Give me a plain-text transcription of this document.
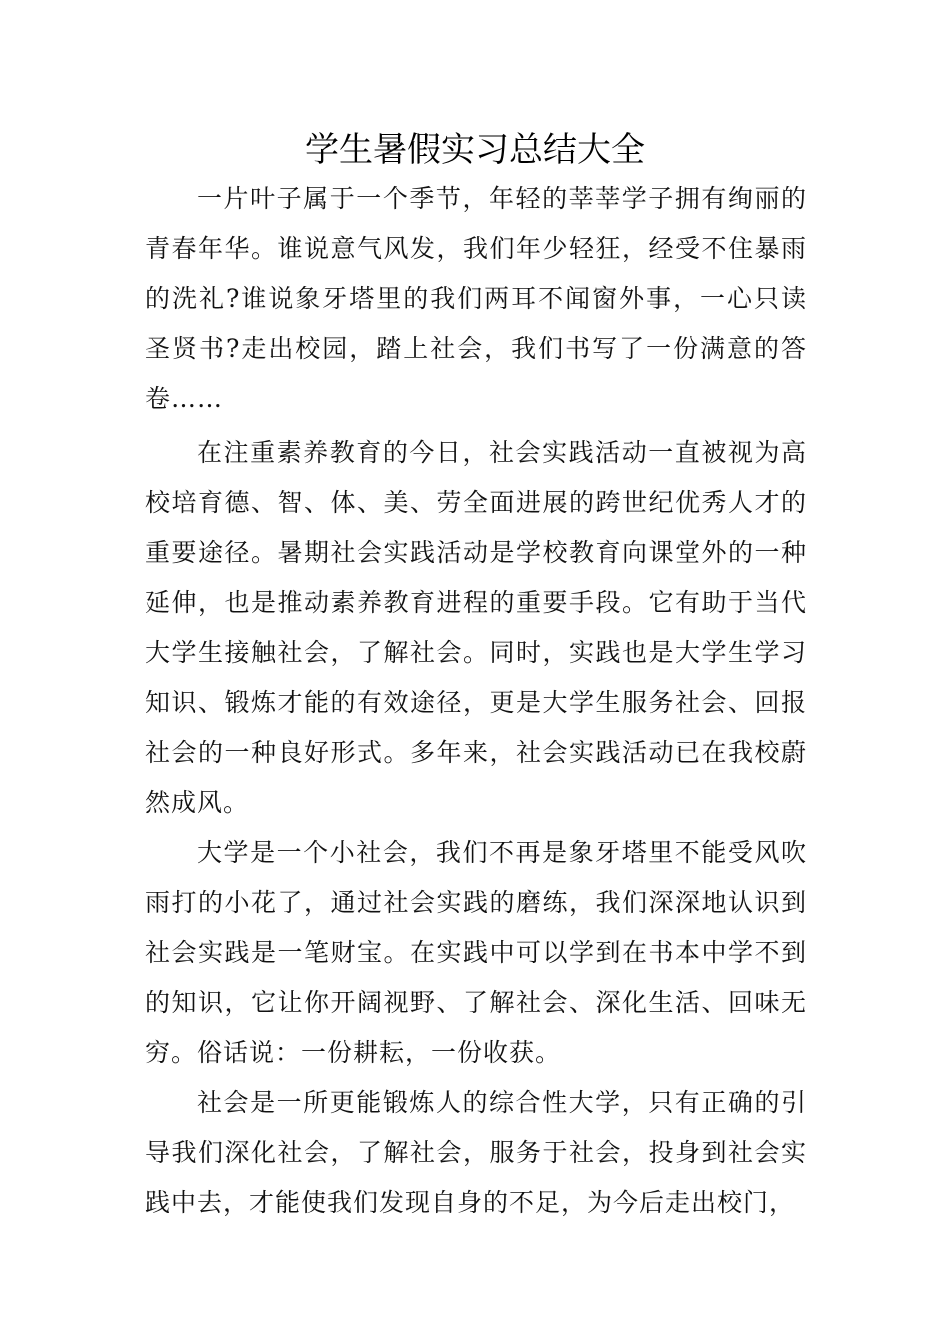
学生暑假实习总结大全

一片叶子属于一个季节，年轻的莘莘学子拥有绚丽的青春年华。谁说意气风发，我们年少轻狂，经受不住暴雨的洗礼?谁说象牙塔里的我们两耳不闻窗外事，一心只读圣贤书?走出校园，踏上社会，我们书写了一份满意的答卷……

在注重素养教育的今日，社会实践活动一直被视为高校培育德、智、体、美、劳全面进展的跨世纪优秀人才的重要途径。暑期社会实践活动是学校教育向课堂外的一种延伸，也是推动素养教育进程的重要手段。它有助于当代大学生接触社会，了解社会。同时，实践也是大学生学习知识、锻炼才能的有效途径，更是大学生服务社会、回报社会的一种良好形式。多年来，社会实践活动已在我校蔚然成风。

大学是一个小社会，我们不再是象牙塔里不能受风吹雨打的小花了，通过社会实践的磨练，我们深深地认识到社会实践是一笔财宝。在实践中可以学到在书本中学不到的知识，它让你开阔视野、了解社会、深化生活、回味无穷。俗话说：一份耕耘，一份收获。

社会是一所更能锻炼人的综合性大学，只有正确的引导我们深化社会，了解社会，服务于社会，投身到社会实践中去，才能使我们发现自身的不足，为今后走出校门，
